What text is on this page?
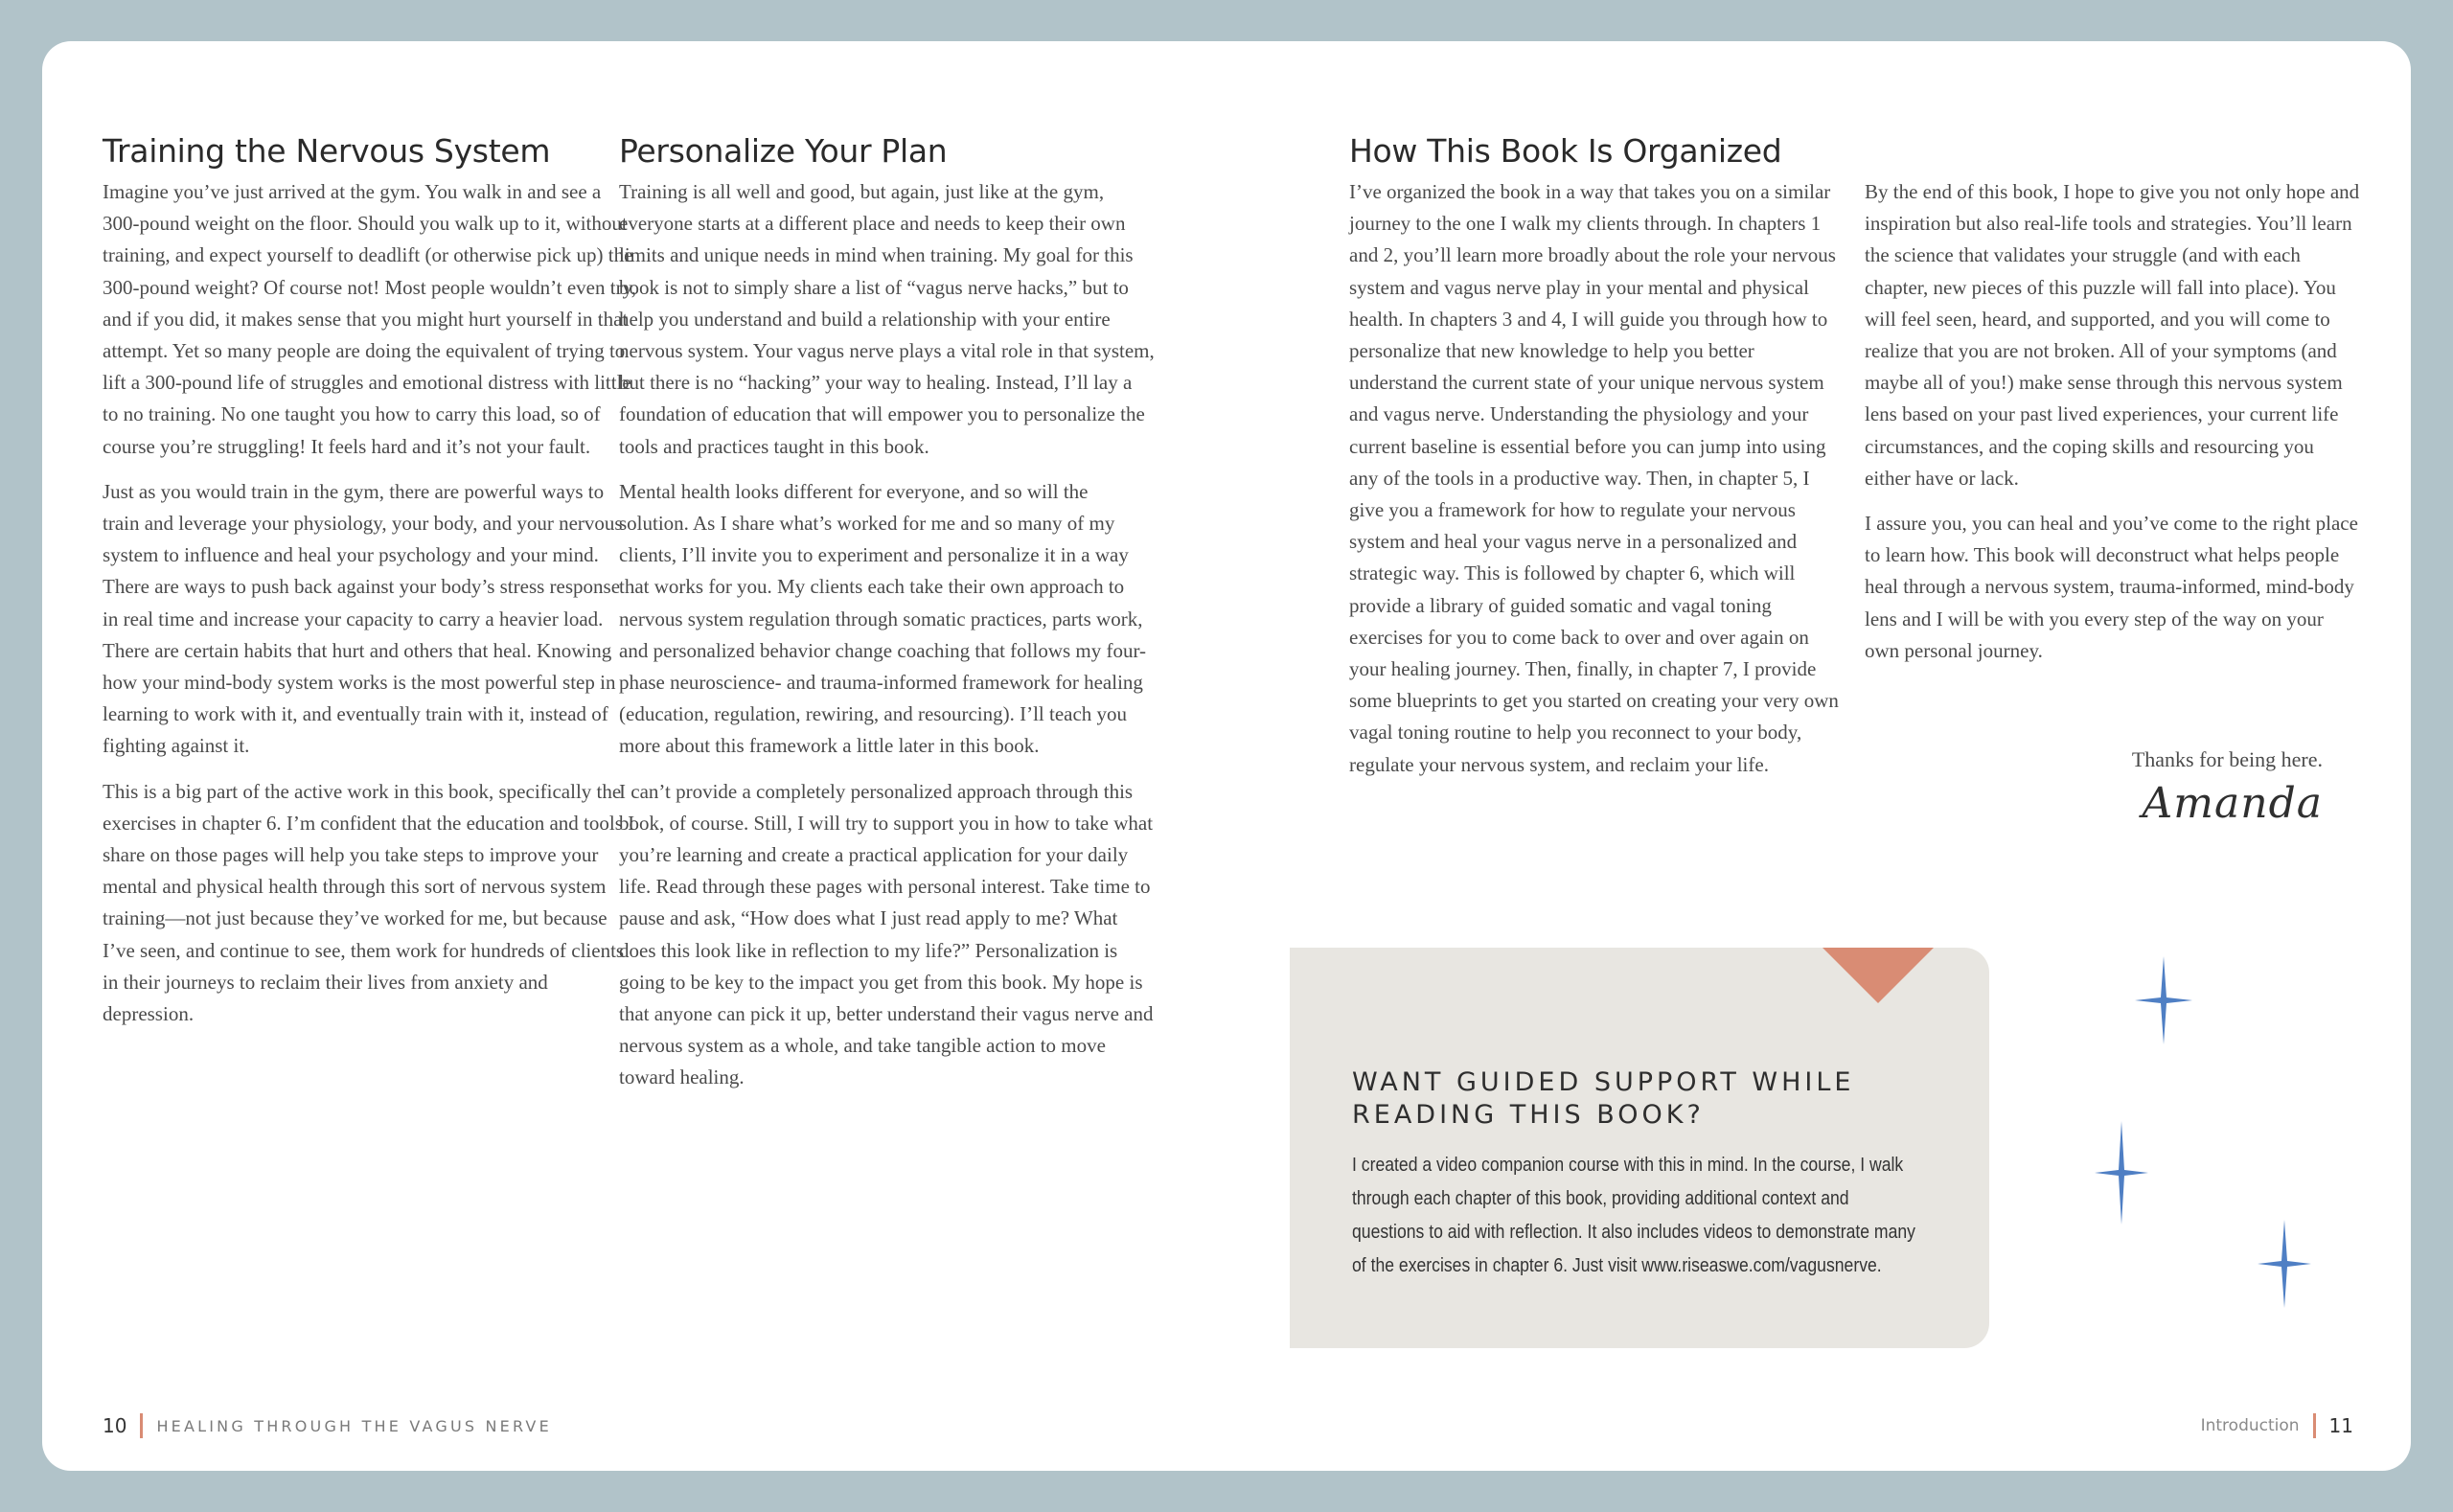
Training the Nervous System

Imagine you’ve just arrived at the gym. You walk in and see a 300-pound weight on the floor. Should you walk up to it, without training, and expect yourself to deadlift (or otherwise pick up) the 300-pound weight? Of course not! Most people wouldn’t even try, and if you did, it makes sense that you might hurt yourself in that attempt. Yet so many people are doing the equivalent of trying to lift a 300-pound life of struggles and emotional distress with little to no training. No one taught you how to carry this load, so of course you’re struggling! It feels hard and it’s not your fault.

Just as you would train in the gym, there are powerful ways to train and leverage your physiology, your body, and your nervous system to influence and heal your psychology and your mind. There are ways to push back against your body’s stress response in real time and increase your capacity to carry a heavier load. There are certain habits that hurt and others that heal. Knowing how your mind-body system works is the most powerful step in learning to work with it, and eventually train with it, instead of fighting against it.

This is a big part of the active work in this book, specifically the exercises in chapter 6. I’m confident that the education and tools I share on those pages will help you take steps to improve your mental and physical health through this sort of nervous system training—not just because they’ve worked for me, but because I’ve seen, and continue to see, them work for hundreds of clients in their journeys to reclaim their lives from anxiety and depression.

Personalize Your Plan

Training is all well and good, but again, just like at the gym, everyone starts at a different place and needs to keep their own limits and unique needs in mind when training. My goal for this book is not to simply share a list of “vagus nerve hacks,” but to help you understand and build a relationship with your entire nervous system. Your vagus nerve plays a vital role in that system, but there is no “hacking” your way to healing. Instead, I’ll lay a foundation of education that will empower you to personalize the tools and practices taught in this book.

Mental health looks different for everyone, and so will the solution. As I share what’s worked for me and so many of my clients, I’ll invite you to experiment and personalize it in a way that works for you. My clients each take their own approach to nervous system regulation through somatic practices, parts work, and personalized behavior change coaching that follows my four-phase neuroscience- and trauma-informed framework for healing (education, regulation, rewiring, and resourcing). I’ll teach you more about this framework a little later in this book.

I can’t provide a completely personalized approach through this book, of course. Still, I will try to support you in how to take what you’re learning and create a practical application for your daily life. Read through these pages with personal interest. Take time to pause and ask, “How does what I just read apply to me? What does this look like in reflection to my life?” Personalization is going to be key to the impact you get from this book. My hope is that anyone can pick it up, better understand their vagus nerve and nervous system as a whole, and take tangible action to move toward healing.

How This Book Is Organized

I’ve organized the book in a way that takes you on a similar journey to the one I walk my clients through. In chapters 1 and 2, you’ll learn more broadly about the role your nervous system and vagus nerve play in your mental and physical health. In chapters 3 and 4, I will guide you through how to personalize that new knowledge to help you better understand the current state of your unique nervous system and vagus nerve. Understanding the physiology and your current baseline is essential before you can jump into using any of the tools in a productive way. Then, in chapter 5, I give you a framework for how to regulate your nervous system and heal your vagus nerve in a personalized and strategic way. This is followed by chapter 6, which will provide a library of guided somatic and vagal toning exercises for you to come back to over and over again on your healing journey. Then, finally, in chapter 7, I provide some blueprints to get you started on creating your very own vagal toning routine to help you reconnect to your body, regulate your nervous system, and reclaim your life.

By the end of this book, I hope to give you not only hope and inspiration but also real-life tools and strategies. You’ll learn the science that validates your struggle (and with each chapter, new pieces of this puzzle will fall into place). You will feel seen, heard, and supported, and you will come to realize that you are not broken. All of your symptoms (and maybe all of you!) make sense through this nervous system lens based on your past lived experiences, your current life circumstances, and the coping skills and resourcing you either have or lack.

I assure you, you can heal and you’ve come to the right place to learn how. This book will deconstruct what helps people heal through a nervous system, trauma-informed, mind-body lens and I will be with you every step of the way on your own personal journey.

Thanks for being here.
Amanda
WANT GUIDED SUPPORT WHILE READING THIS BOOK?
I created a video companion course with this in mind. In the course, I walk through each chapter of this book, providing additional context and questions to aid with reflection. It also includes videos to demonstrate many of the exercises in chapter 6. Just visit www.riseaswe.com/vagusnerve.
10 HEALING THROUGH THE VAGUS NERVE	Introduction 11
